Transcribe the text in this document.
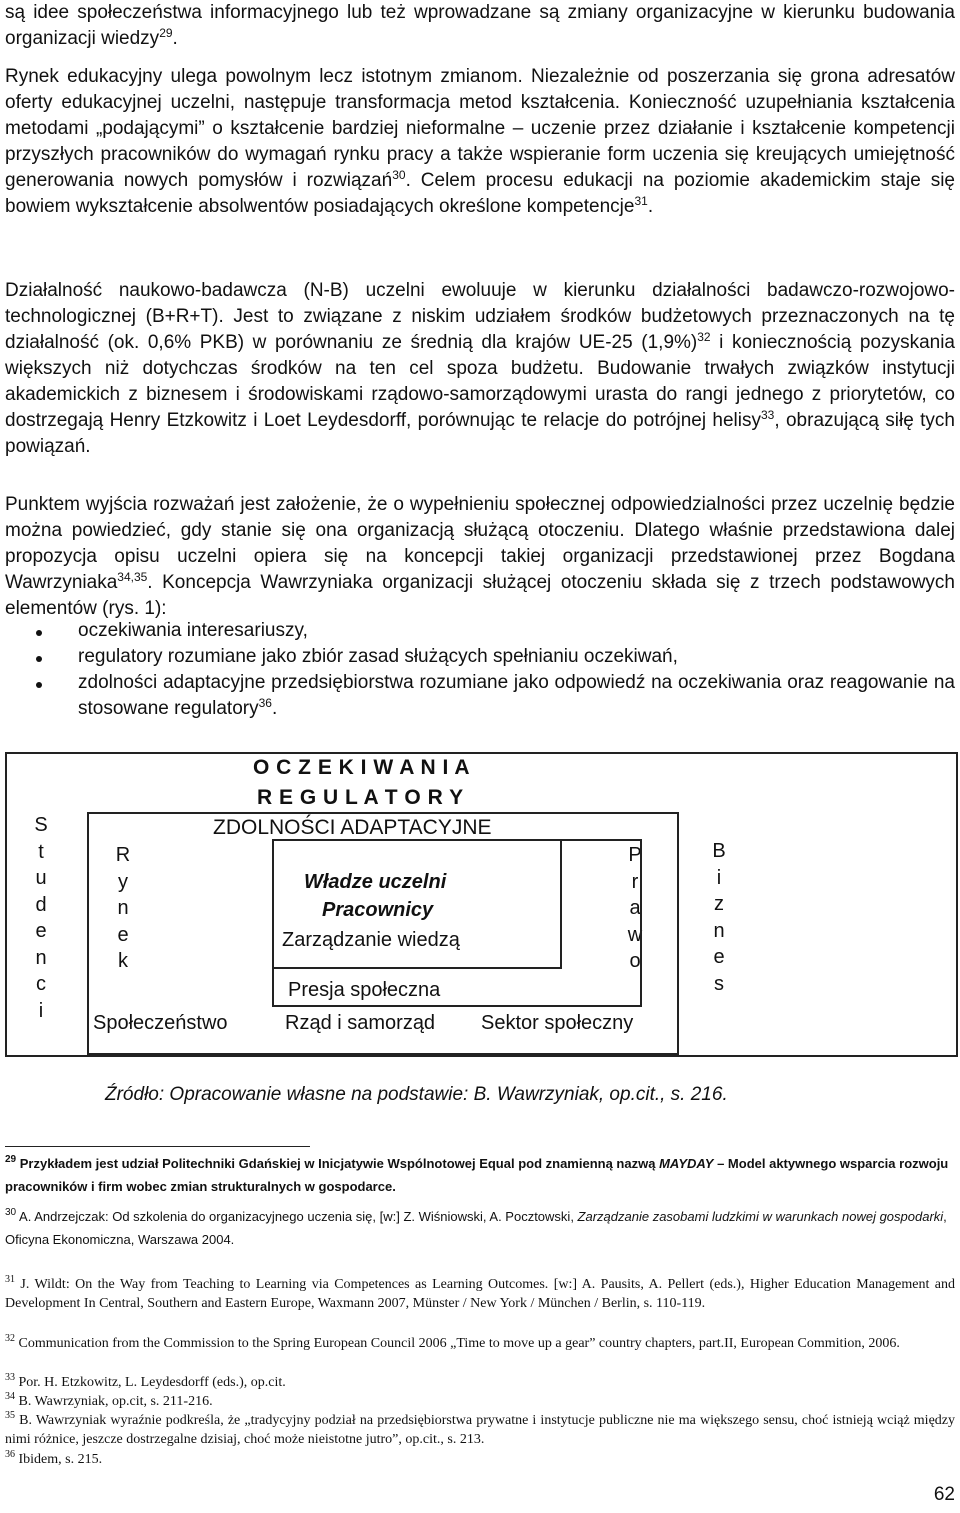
są idee społeczeństwa informacyjnego lub też wprowadzane są zmiany organizacyjne w kierunku budowania organizacji wiedzy$^{29}$.

Rynek edukacyjny ulega powolnym lecz istotnym zmianom. Niezależnie od poszerzania się grona adresatów oferty edukacyjnej uczelni, następuje transformacja metod kształcenia. Konieczność uzupełniania kształcenia metodami „podającymi” o kształcenie bardziej nieformalne – uczenie przez działanie i kształcenie kompetencji przyszłych pracowników do wymagań rynku pracy a także wspieranie form uczenia się kreujących umiejętność generowania nowych pomysłów i rozwiązań$^{30}$. Celem procesu edukacji na poziomie akademickim staje się bowiem wykształcenie absolwentów posiadających określone kompetencje$^{31}$.

Działalność naukowo-badawcza (N-B) uczelni ewoluuje w kierunku działalności badawczo-rozwojowo-technologicznej (B+R+T). Jest to związane z niskim udziałem środków budżetowych przeznaczonych na tę działalność (ok. 0,6% PKB) w porównaniu ze średnią dla krajów UE-25 $(1,9\%)^{32}$ i koniecznością pozyskania większych niż dotychczas środków na ten cel spoza budżetu. Budowanie trwałych związków instytucji akademickich z biznesem i środowiskami rządowo-samorządowymi urasta do rangi jednego z priorytetów, co dostrzegają Henry Etzkowitz i Loet Leydesdorff, porównując te relacje do potrójnej helisy$^{33}$, obrazującą siłę tych powiązań.

Punktem wyjścia rozważań jest założenie, że o wypełnieniu społecznej odpowiedzialności przez uczelnię będzie można powiedzieć, gdy stanie się ona organizacją służącą otoczeniu. Dlatego właśnie przedstawiona dalej propozycja opisu uczelni opiera się na koncepcji takiej organizacji przedstawionej przez Bogdana Wawrzyniaka$^{34,35}$. Koncepcja Wawrzyniaka organizacji służącej otoczeniu składa się z trzech podstawowych elementów (rys. 1):

oczekiwania interesariuszy,
regulatory rozumiane jako zbiór zasad służących spełnianiu oczekiwań,
zdolności adaptacyjne przedsiębiorstwa rozumiane jako odpowiedź na oczekiwania oraz reagowanie na stosowane regulatory$^{36}$.
O C Z E K I W A N I A
R E G U L A T O R Y
S
t
u
d
e
n
c
i
B
i
z
n
e
s
ZDOLNOŚCI ADAPTACYJNE
R
y
n
e
k
P
r
a
w
o
Władze uczelni
Pracownicy
Zarządzanie wiedzą
Presja społeczna
Społeczeństwo	Rząd i samorząd Sektor społeczny
Źródło: Opracowanie własne na podstawie: B. Wawrzyniak, op.cit., s. 216.

$^{29}$ Przykładem jest udział Politechniki Gdańskiej w Inicjatywie Wspólnotowej Equal pod znamienną nazwą MAYDAY – Model aktywnego wsparcia rozwoju pracowników i firm wobec zmian strukturalnych w gospodarce.

$^{30}$ A. Andrzejczak: Od szkolenia do organizacyjnego uczenia się, [w:] Z. Wiśniowski, A. Pocztowski, Zarządzanie zasobami ludzkimi w warunkach nowej gospodarki, Oficyna Ekonomiczna, Warszawa 2004.

$^{31}$ J. Wildt: On the Way from Teaching to Learning via Competences as Learning Outcomes. [w:] A. Pausits, A. Pellert (eds.), Higher Education Management and Development In Central, Southern and Eastern Europe, Waxmann 2007, Münster / New York / München / Berlin, s. 110-119.

$^{32}$ Communication from the Commission to the Spring European Council 2006 „Time to move up a gear” country chapters, part.II, European Commition, 2006.

$^{33}$ Por. H. Etzkowitz, L. Leydesdorff (eds.), op.cit.

$^{34}$ B. Wawrzyniak, op.cit, s. 211-216.

$^{35}$ B. Wawrzyniak wyraźnie podkreśla, że „tradycyjny podział na przedsiębiorstwa prywatne i instytucje publiczne nie ma większego sensu, choć istnieją wciąż między nimi różnice, jeszcze dostrzegalne dzisiaj, choć może nieistotne jutro”, op.cit., s. 213.

$^{36}$ Ibidem, s. 215.

62
